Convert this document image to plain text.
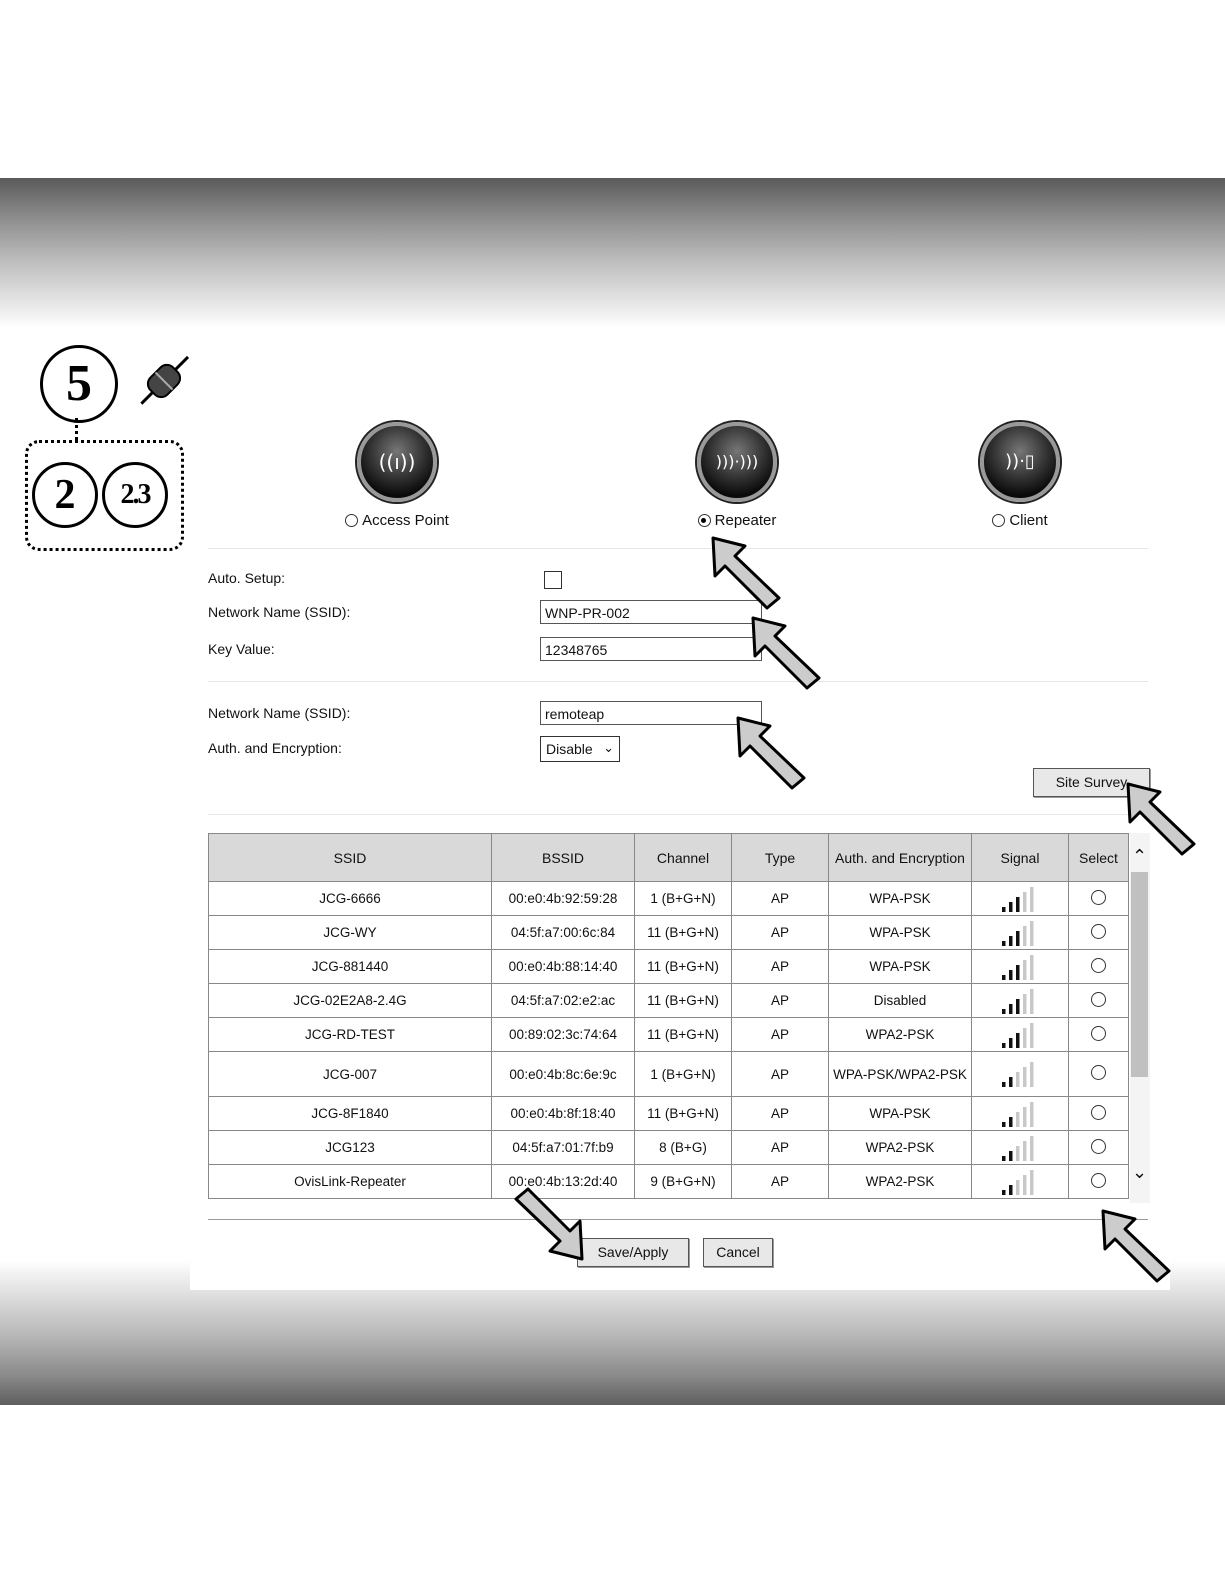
5
2	2.3
((ı))
Access Point
)))·)))
Repeater
))·▯
Client
Auto. Setup:
Network Name (SSID):	WNP-PR-002
Key Value:	12348765
Network Name (SSID):	remoteap
Auth. and Encryption:	Disable ⌄
Site Survey
SSID	BSSID	Channel	Type	Auth. and Encryption	Signal	Select
JCG-6666	00:e0:4b:92:59:28	1 (B+G+N)	AP	WPA-PSK		
JCG-WY	04:5f:a7:00:6c:84	11 (B+G+N)	AP	WPA-PSK		
JCG-881440	00:e0:4b:88:14:40	11 (B+G+N)	AP	WPA-PSK		
JCG-02E2A8-2.4G	04:5f:a7:02:e2:ac	11 (B+G+N)	AP	Disabled		
JCG-RD-TEST	00:89:02:3c:74:64	11 (B+G+N)	AP	WPA2-PSK		
JCG-007	00:e0:4b:8c:6e:9c	1 (B+G+N)	AP	WPA-PSK/WPA2-PSK		
JCG-8F1840	00:e0:4b:8f:18:40	11 (B+G+N)	AP	WPA-PSK		
JCG123	04:5f:a7:01:7f:b9	8 (B+G)	AP	WPA2-PSK		
OvisLink-Repeater	00:e0:4b:13:2d:40	9 (B+G+N)	AP	WPA2-PSK		
⌃
⌄
Save/Apply	Cancel
